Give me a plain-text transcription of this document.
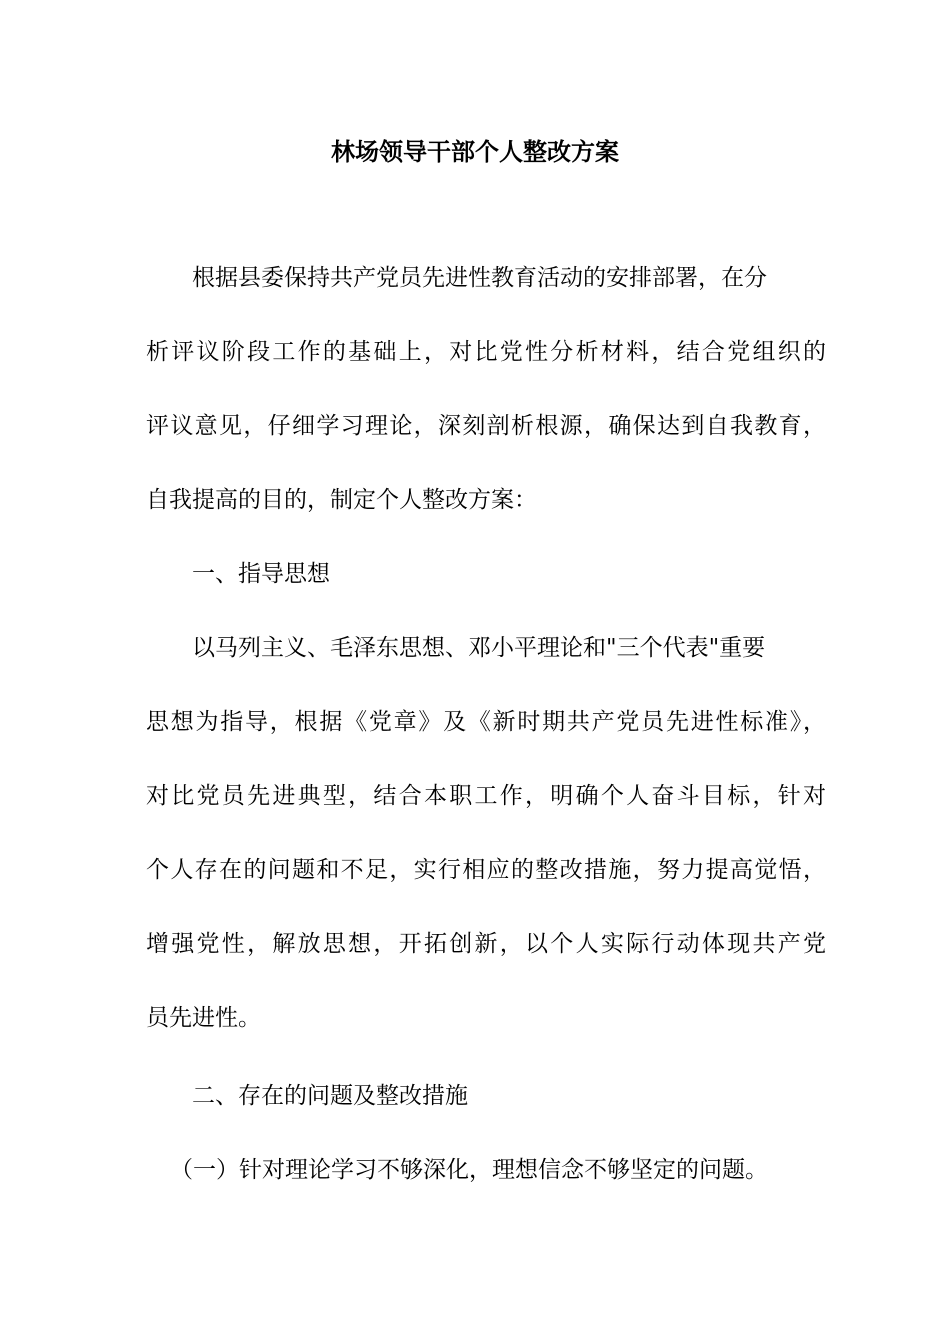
林场领导干部个人整改方案
根据县委保持共产党员先进性教育活动的安排部署，在分
析评议阶段工作的基础上，对比党性分析材料，结合党组织的
评议意见，仔细学习理论，深刻剖析根源，确保达到自我教育，
自我提高的目的，制定个人整改方案：
一、指导思想
以马列主义、毛泽东思想、邓小平理论和"三个代表"重要
思想为指导，根据《党章》及《新时期共产党员先进性标准》，
对比党员先进典型，结合本职工作，明确个人奋斗目标，针对
个人存在的问题和不足，实行相应的整改措施，努力提高觉悟，
增强党性，解放思想，开拓创新，以个人实际行动体现共产党
员先进性。
二、存在的问题及整改措施
（一）针对理论学习不够深化，理想信念不够坚定的问题。
